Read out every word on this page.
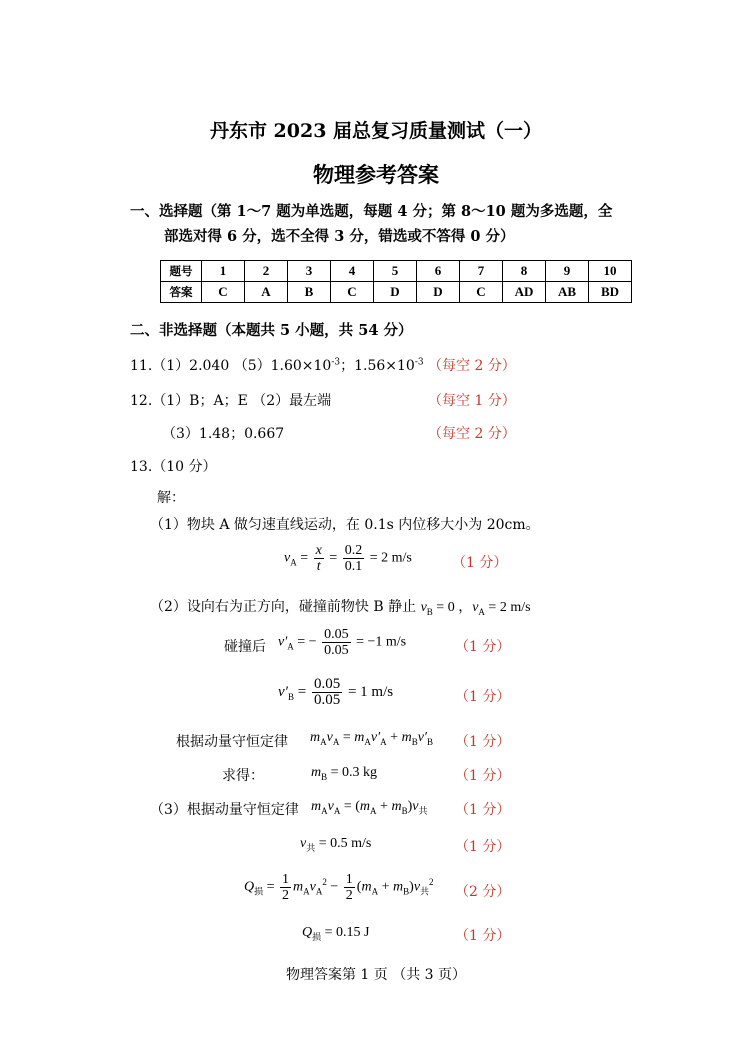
丹东市 2023 届总复习质量测试（一）
物理参考答案
一、选择题（第 1～7 题为单选题，每题 4 分；第 8～10 题为多选题，全
部选对得 6 分，选不全得 3 分，错选或不答得 0 分）
题号	1	2	3	4	5	6	7	8	9	10
答案	C	A	B	C	D	D	C	AD	AB	BD
二、非选择题（本题共 5 小题，共 54 分）
11.（1）2.040 $(5)1.60\times 10^{-3}$；$1.56\times 10^{-3}$ （每空 2 分）
12.（1）B；A；E （2）最左端	（每空 1 分）
（3）1.48；0.667	（每空 2 分）
13.（10 分）
解：
（1）物块 A 做匀速直线运动，在 0.1s 内位移大小为 20cm。
$v_A = \frac{x}{t} = \frac{0.2}{0.1} = 2$ m/s	（1 分）
（2）设向右为正方向，碰撞前物快 B 静止 $v_B = 0$ ，$v_A = 2$ m/s
碰撞后 $v'_A$ = − $\frac{0.05}{0.05} = -1$ m/s	（1 分）
$v'_B = \frac{0.05}{0.05} = 1$ m/s	（1 分）
根据动量守恒定律 $m_Av_A = m_Av'_A + m_Bv'_B$ （1 分）
求得：	$m_B = 0.3$ kg	（1 分）
（3）根据动量守恒定律 $m_Av_A = (m_A + m_B)v_共$ （1 分）
$v_共 = 0.5$ m/s	（1 分）
$Q_损 = \frac{1}{2} m_Av_A^2 - \frac{1}{2} (m_A + m_B)v_共^2$
（2 分）
$Q_损 = 0.15$ J	（1 分）
物理答案第 1 页 （共 3 页）
